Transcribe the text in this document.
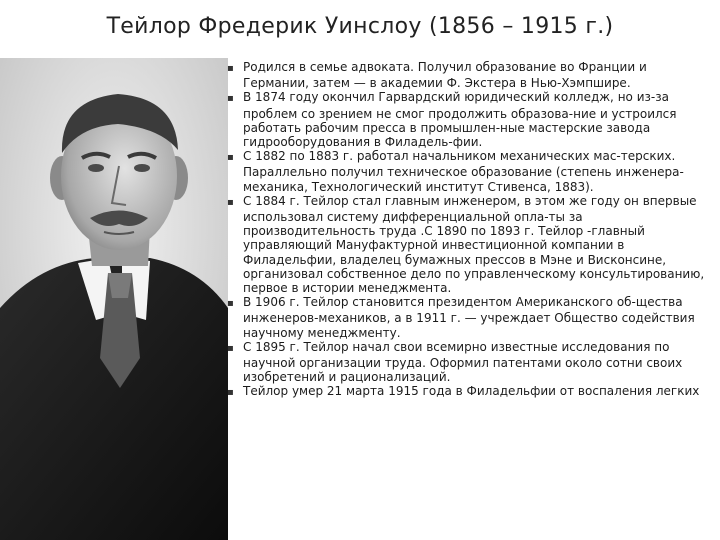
Тейлор Фредерик Уинслоу (1856 – 1915 г.)
▪ Родился в семье адвоката. Получил образование во Франции и Германии, затем — в академии Ф. Экстера в Нью-Хэмпшире.
▪ В 1874 году окончил Гарвардский юридический колледж, но из-за проблем со зрением не смог продолжить образова-ние и устроился работать рабочим пресса в промышлен-ные мастерские завода гидрооборудования в Филадель-фии.
▪ С 1882 по 1883 г. работал начальником механических мас-терских. Параллельно получил техническое образование (степень инженера-механика, Технологический институт Стивенса, 1883).
▪ С 1884 г. Тейлор стал главным инженером, в этом же году он впервые использовал систему дифференциальной опла-ты за производительность труда .С 1890 по 1893 г. Тейлор -главный управляющий Мануфактурной инвестиционной компании в Филадельфии, владелец бумажных прессов в Мэне и Висконсине, организовал собственное дело по управленческому консультированию, первое в истории менеджмента.
▪ В 1906 г. Тейлор становится президентом Американского об-щества инженеров-механиков, а в 1911 г. — учреждает Общество содействия научному менеджменту.
▪ С 1895 г. Тейлор начал свои всемирно известные исследования по научной организации труда. Оформил патентами около сотни своих изобретений и рационализаций.
▪ Тейлор умер 21 марта 1915 года в Филадельфии от воспаления легких
